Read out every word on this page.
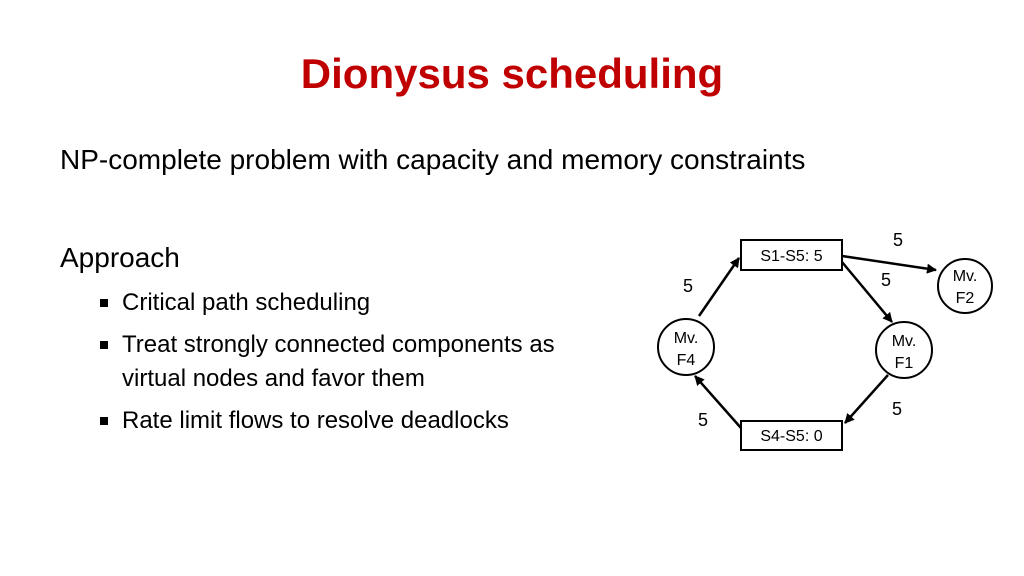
Dionysus scheduling
NP-complete problem with capacity and memory constraints
Approach
Critical path scheduling
Treat strongly connected components as virtual nodes and favor them
Rate limit flows to resolve deadlocks
S1-S5: 5
S4-S5: 0
Mv.
F1
Mv.
F2
Mv.
F4
5
5
5
5
5
